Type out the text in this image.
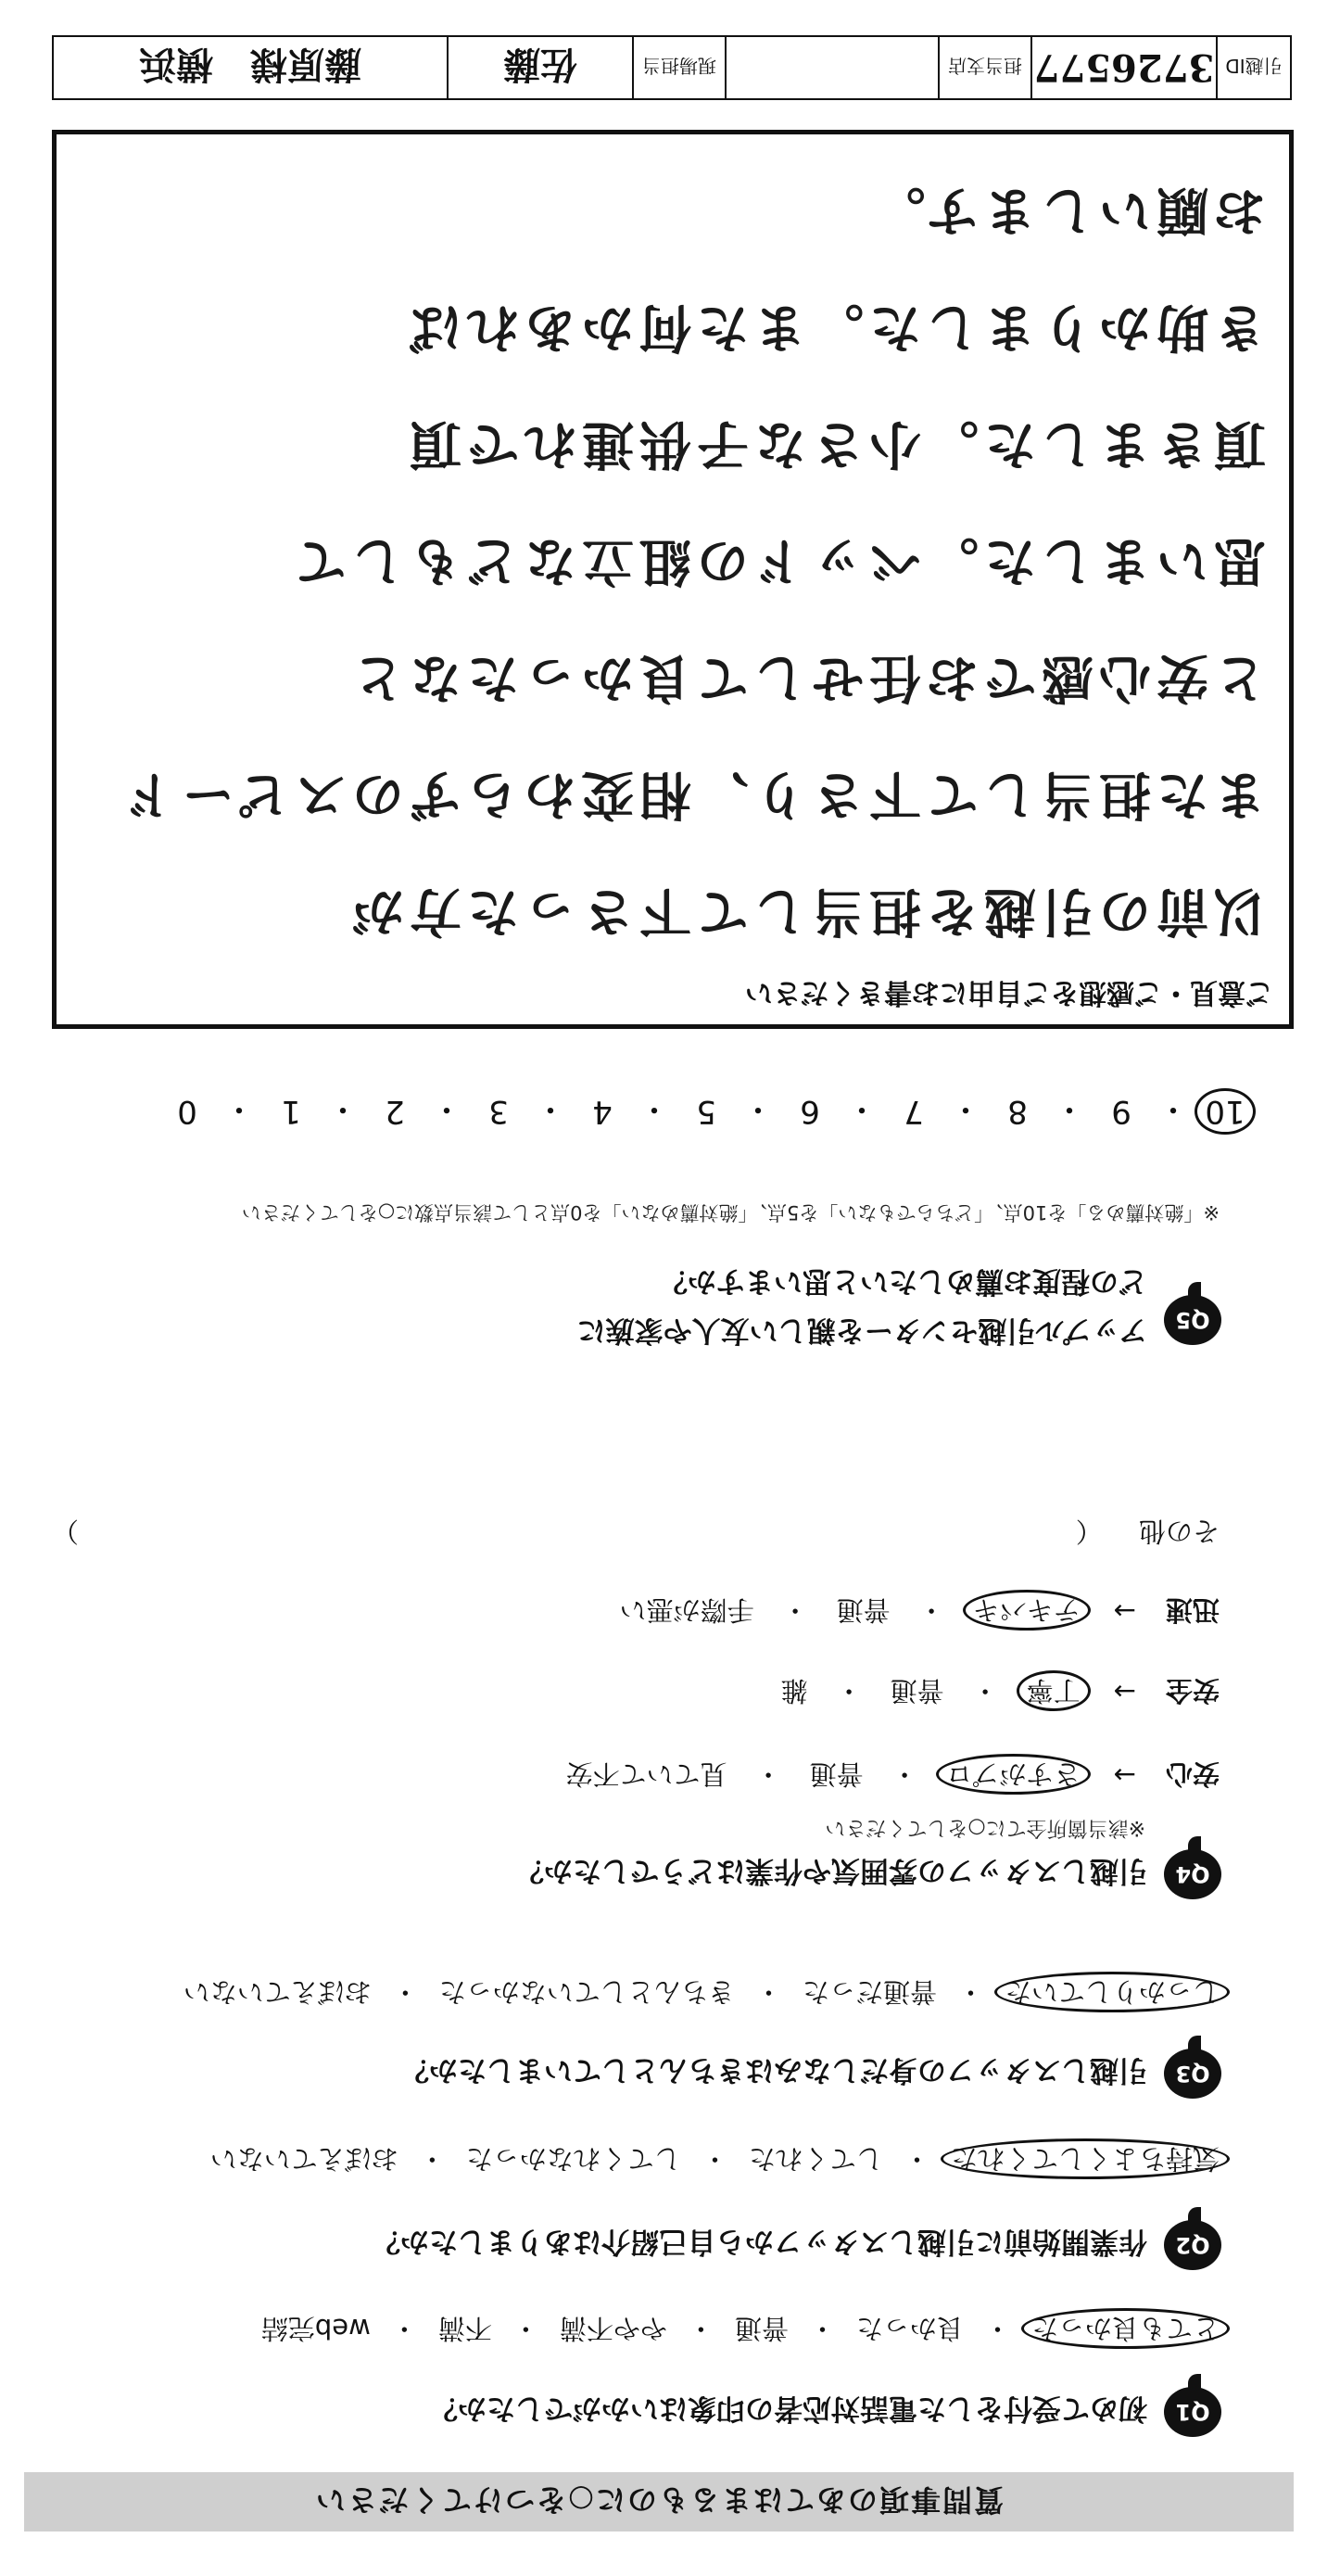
質問事項のあてはまるものに○をつけてください
Q1
初めて受付をした電話対応者の印象はいかがでしたか？
とても良かった
・
良かった
・
普通
・
やや不満
・
不満
・
web完結
Q2
作業開始前に引越しスタッフから自己紹介はありましたか？
気持ちよくしてくれた
・
してくれた
・
してくれなかった
・
おぼえていない
Q3
引越しスタッフの身だしなみはきちんとしていましたか？
しっかりしていた
・
普通だった
・
きちんとしていなかった
・
おぼえていない
Q4
引越しスタッフの雰囲気や作業はどうでしたか？
※該当箇所全てに○をしてください
安心
→
さすがプロ
・
普通
・
見ていて不安
安全
→
丁寧
・
普通
・
雑
迅速
→
テキパキ
・
普通
・
手際が悪い
その他 （
）
Q5
アップル引越センターを親しい友人や家族に
どの程度お薦めしたいと思いますか？
※「絶対薦める」を10点、「どちらでもない」を5点、「絶対薦めない」を0点として該当点数に○をしてください
10
・
9
・
8
・
7
・
6
・
5
・
4
・
3
・
2
・
1
・
0
ご意見・ご感想をご自由にお書きください
以前の引越を担当して下さった方が
また担当して下さり、相変わらずのスピード
と安心感でお任せして良かったなと
思いました。ベッドの組立などもして
頂きました。小さな子供連れで頂
き助かりました。また何かあれば
お願いします。
引越ID
3726577
担当支店
現場担当
佐藤
藤原様　横浜
